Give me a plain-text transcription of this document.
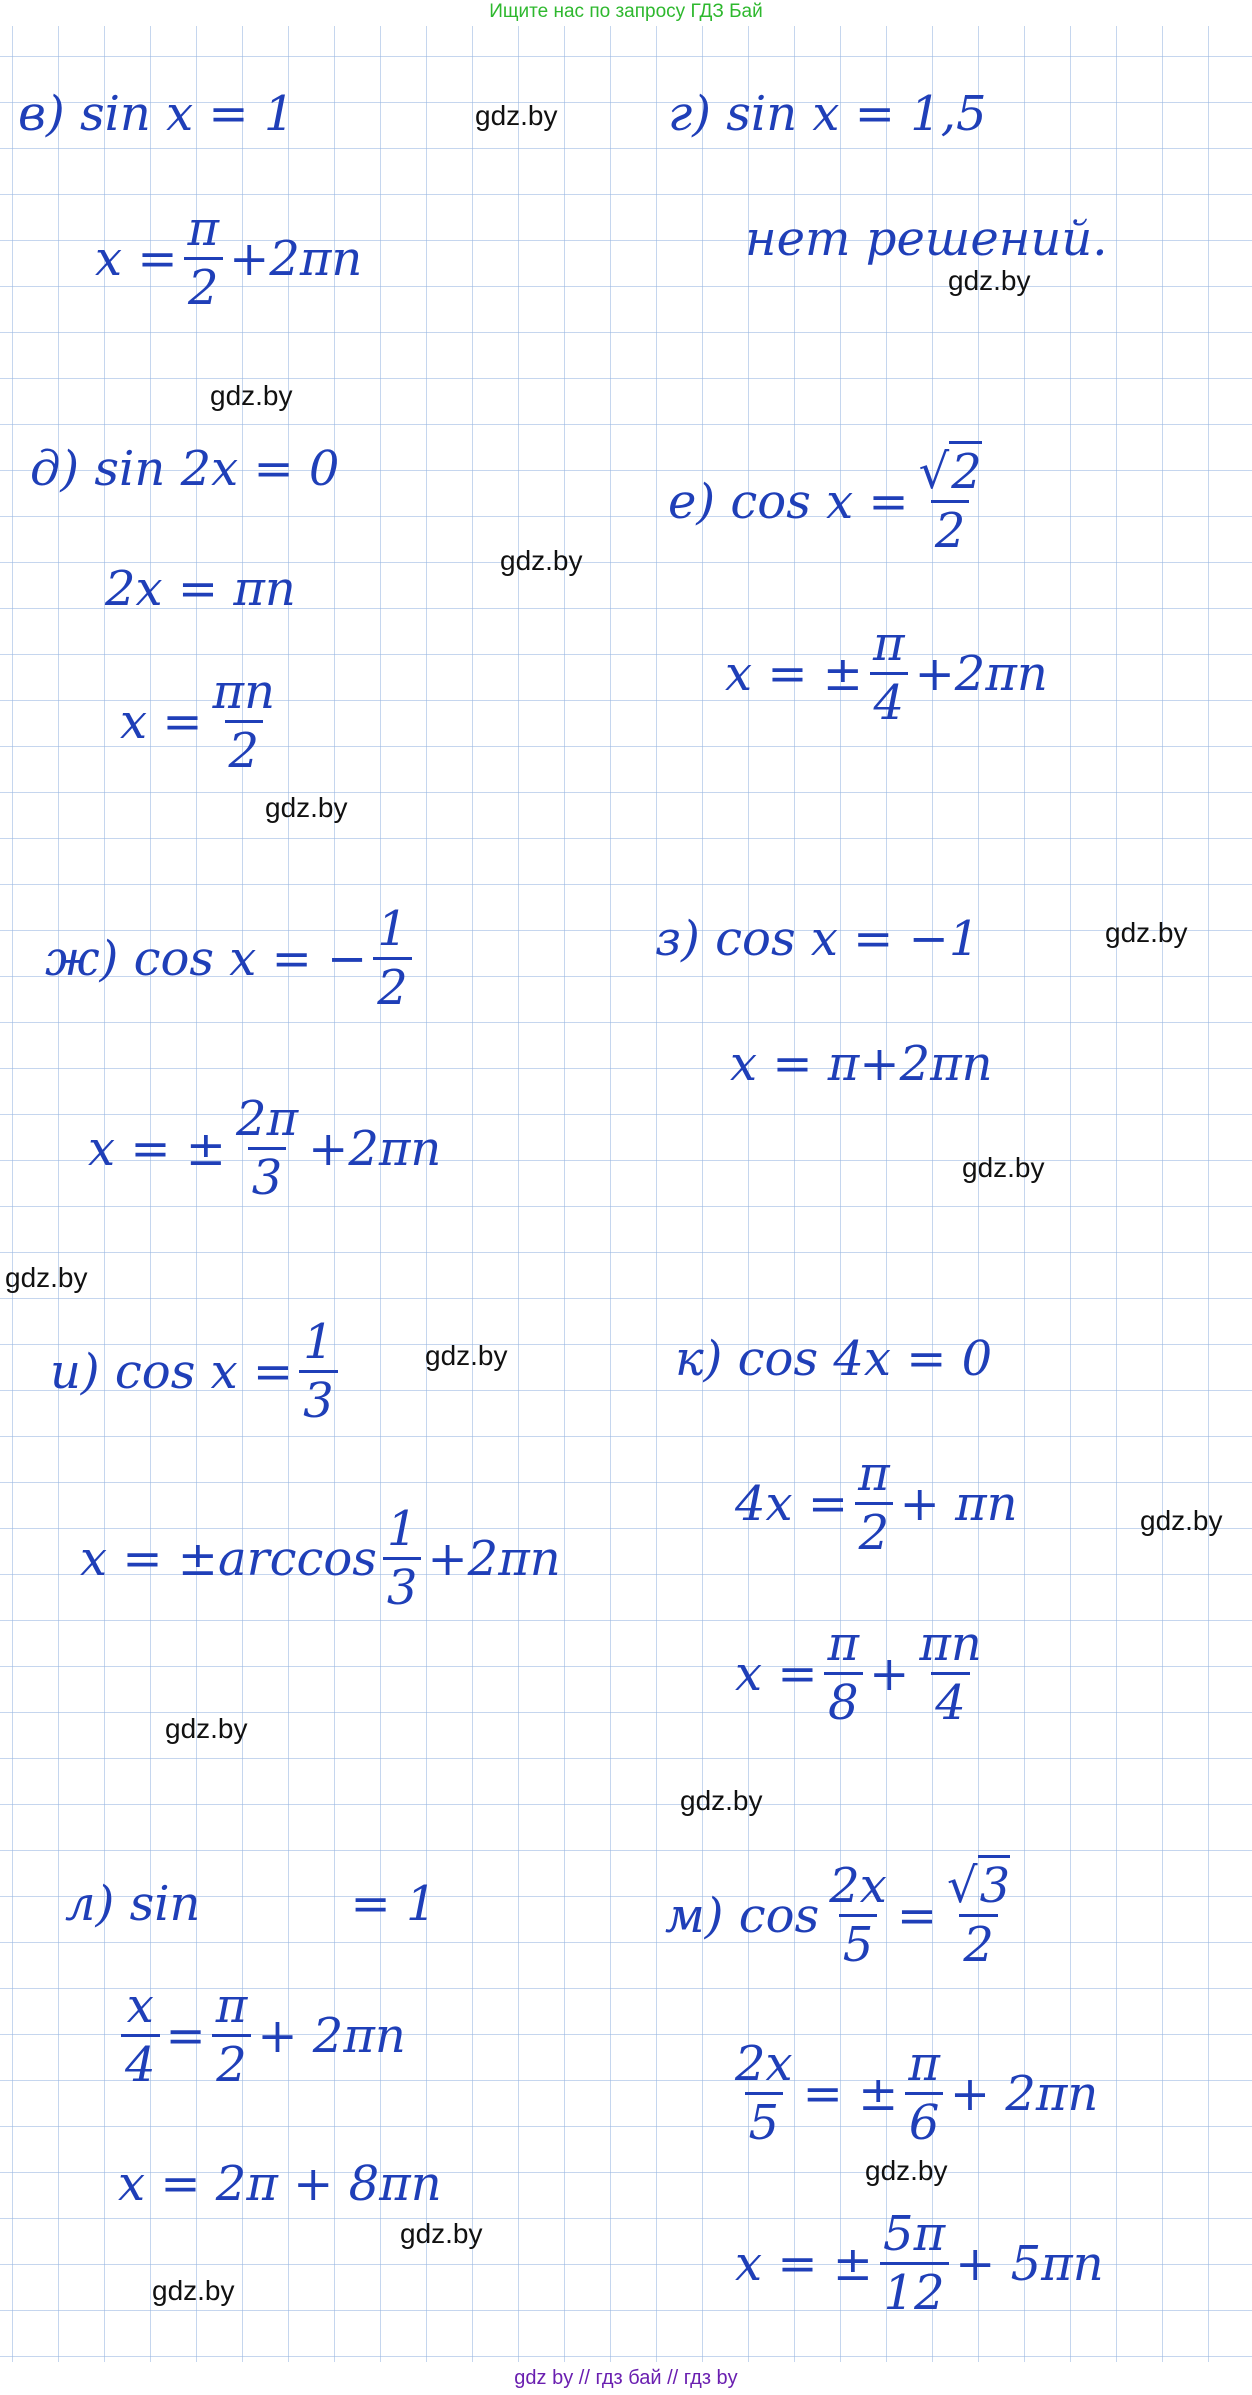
Ищите нас по запросу ГДЗ Бай
gdz.by
gdz.by
gdz.by
gdz.by
gdz.by
gdz.by
gdz.by
gdz.by
gdz.by
gdz.by
gdz.by
gdz.by
gdz.by
gdz.by
gdz.by
в)
sin x = 1
$x = \frac{\pi}{2} +2\pi n$
г)
sin x = 1,5
нет решений.
д)
sin 2x = 0
2x = πn
$x = \frac{\pi n}{2}$
е)
$\cos x = \frac{√2}{2}$
x = ± $\frac{\pi}{4} +2\pi n$
ж)
cos x = − $\frac{1}{2}$
x = ± $\frac{2\pi}{3} +2\pi n$
з)
cos x = −1
x = π+2πn
и)
$\cos x = \frac{1}{3}$
$x = \pm\arccos \frac{1}{3} +2\pi n$
к)
cos 4x = 0
$4x = \frac{\pi}{2} + \pi n$
$x = \frac{\pi}{8} + \frac{\pi n}{4}$
л)
sin	= 1
$\frac{x}{4} = \frac{\pi}{2} + 2\pi n$
x = 2π + 8πn
м)
$\cos \frac{2x}{5} = \frac{√3}{2}$
$\frac{2x}{5}$ = ± $\frac{\pi}{6} + 2\pi n$
x = ± $\frac{5\pi}{12} + 5\pi n$
gdz by // гдз бай // гдз by
